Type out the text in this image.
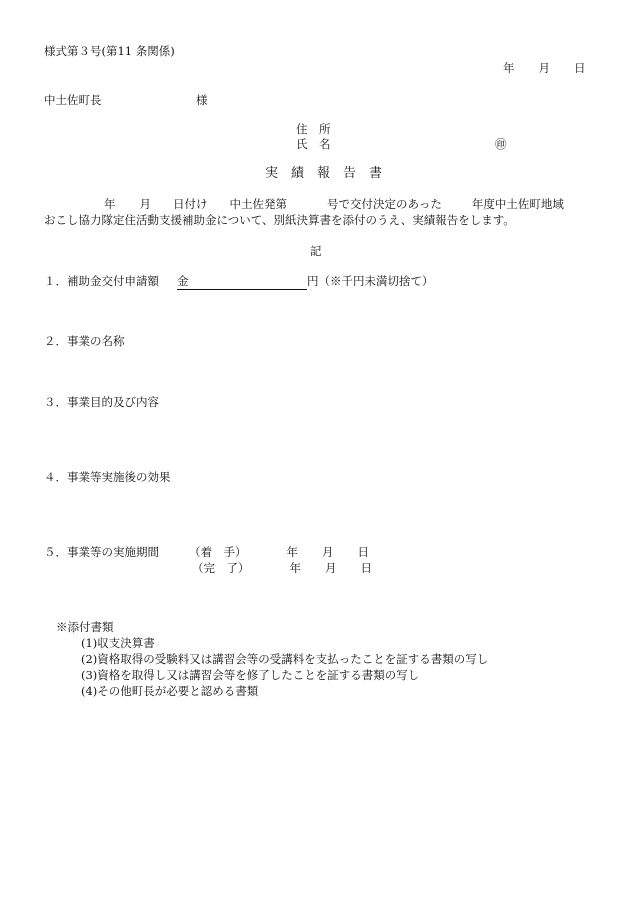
様式第３号(第11 条関係)
年 月 日
中土佐町長	様
住　所
氏　名	㊞
実　績　報　告　書
年 月 日付け 中土佐発第	号で交付決定のあった	年度中土佐町地域
おこし協力隊定住活動支援補助金について、別紙決算書を添付のうえ、実績報告をします。
記
１．補助金交付申請額 金	円（※千円未満切捨て）
２．事業の名称
３．事業目的及び内容
４．事業等実施後の効果
５．事業等の実施期間	（着　手）	年 月 日
（完　了）	年 月 日
※添付書類
(1)収支決算書
(2)資格取得の受験料又は講習会等の受講料を支払ったことを証する書類の写し
(3)資格を取得し又は講習会等を修了したことを証する書類の写し
(4)その他町長が必要と認める書類
